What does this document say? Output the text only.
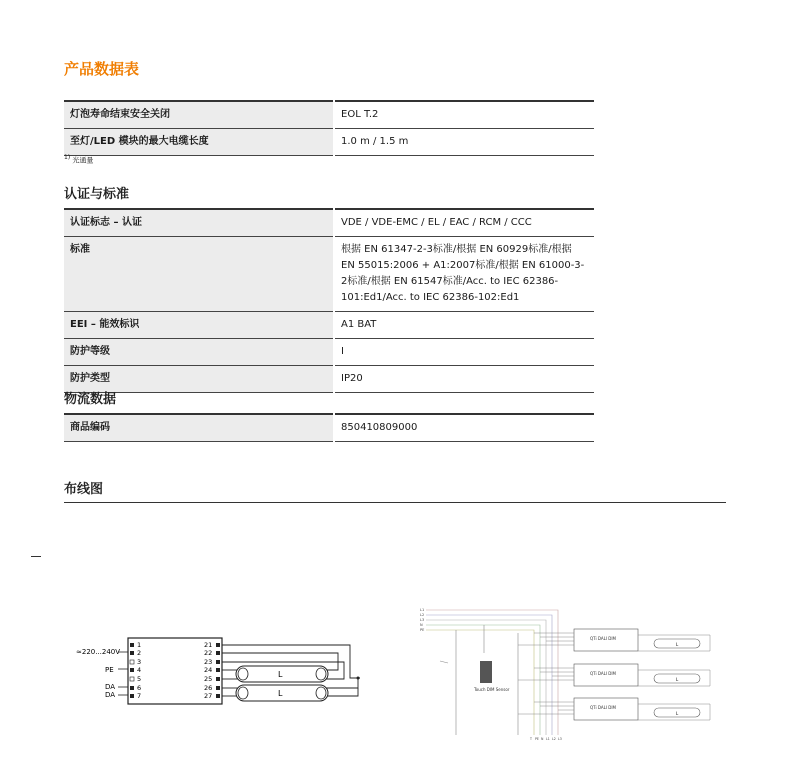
产品数据表
灯泡寿命结束安全关闭	EOL T.2
至灯/LED 模块的最大电缆长度	1.0 m / 1.5 m
$^{1)}$ 光通量
认证与标准
认证标志 – 认证	VDE / VDE-EMC / EL / EAC / RCM / CCC
标准	根据 EN 61347-2-3标准/根据 EN 60929标准/根据 EN 55015:2006 + A1:2007标准/根据 EN 61000-3-2标准/根据 EN 61547标准/Acc. to IEC 62386-101:Ed1/Acc. to IEC 62386-102:Ed1
EEI – 能效标识	A1 BAT
防护等级	I
防护类型	IP20
物流数据
商品编码	850410809000
布线图
≈220...240V
PE
DA
DA
1
2
3
4
5
6
7
21
22
23
24
25
26
27
L
L
L1
L2
L3
N
PE
Touch DIM Sensor
QTi DALI DIM
L
QTi DALI DIM
L
QTi DALI DIM
L
T PE N L1 L2 L3
